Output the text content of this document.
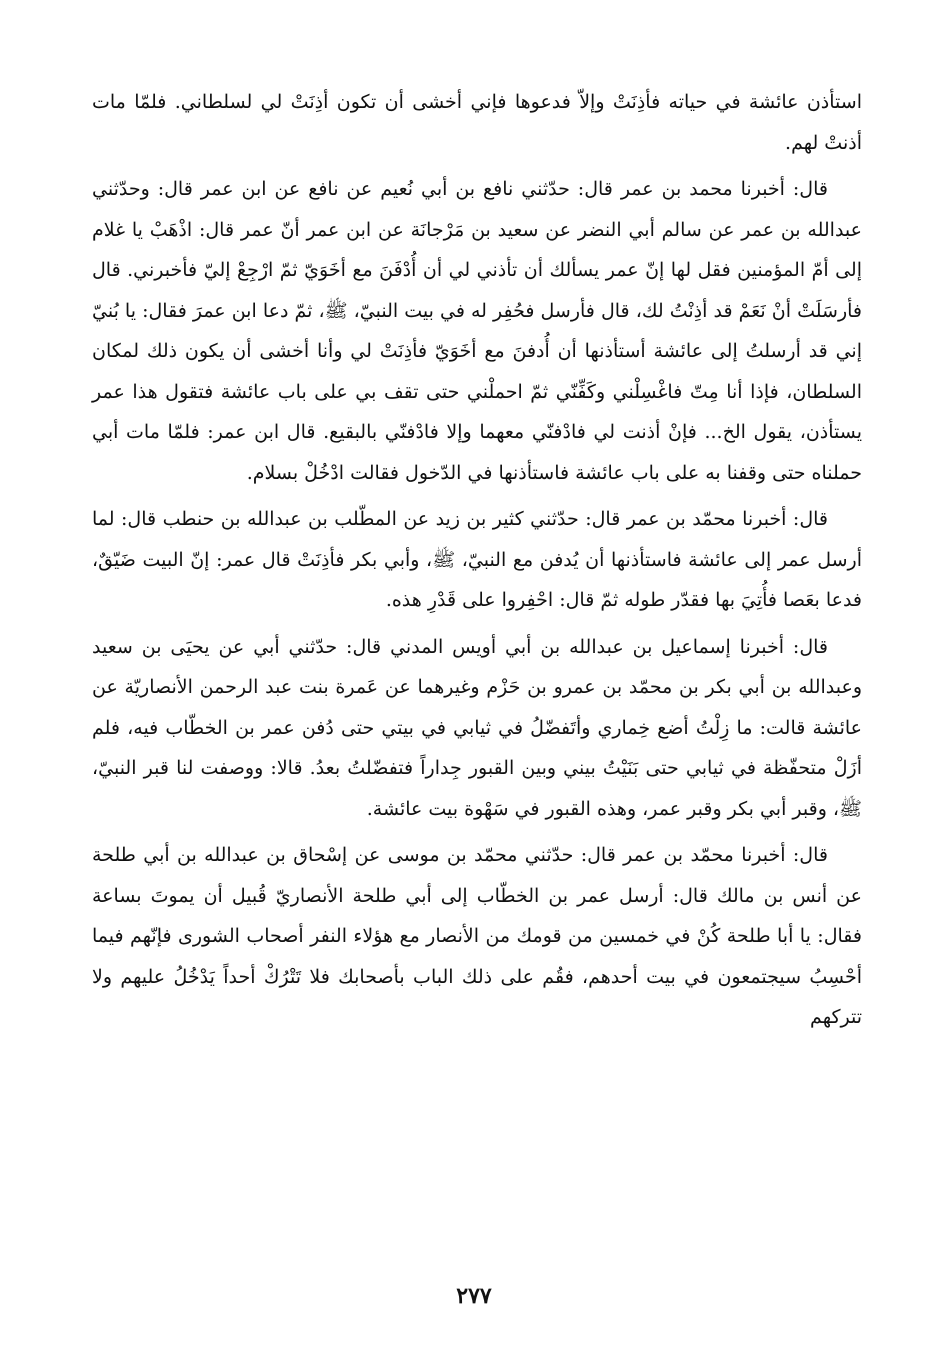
استأذن عائشة في حياته فأذِنَتْ وإلاّ فدعوها فإني أخشى أن تكون أذِنَتْ لي لسلطاني. فلمّا مات أذنتْ لهم.

قال: أخبرنا محمد بن عمر قال: حدّثني نافع بن أبي نُعيم عن نافع عن ابن عمر قال: وحدّثني عبدالله بن عمر عن سالم أبي النضر عن سعيد بن مَرْجانَة عن ابن عمر أنّ عمر قال: اذْهَبْ يا غلام إلى أمّ المؤمنين فقل لها إنّ عمر يسألك أن تأذني لي أن أُدْفَنَ مع أخَوَيّ ثمّ ارْجِعْ إليّ فأخبرني. قال فأرسَلَتْ أنْ نَعَمْ قد أذِنْتُ لك، قال فأرسل فحُفِر له في بيت النبيّ، ﷺ، ثمّ دعا ابن عمرَ فقال: يا بُنيّ إني قد أرسلتُ إلى عائشة أستأذنها أن أُدفنَ مع أخَوَيّ فأذِنَتْ لي وأنا أخشى أن يكون ذلك لمكان السلطان، فإذا أنا مِتّ فاغْسِلْني وكَفِّنّي ثمّ احملْني حتى تقف بي على باب عائشة فتقول هذا عمر يستأذن، يقول الخ... فإنْ أذنت لي فادْفنّي معهما وإلا فادْفنّي بالبقيع. قال ابن عمر: فلمّا مات أبي حملناه حتى وقفنا به على باب عائشة فاستأذنها في الدّخول فقالت ادْخُلْ بسلام.

قال: أخبرنا محمّد بن عمر قال: حدّثني كثير بن زيد عن المطّلب بن عبدالله بن حنطب قال: لما أرسل عمر إلى عائشة فاستأذنها أن يُدفن مع النبيّ، ﷺ، وأبي بكر فأذِنَتْ قال عمر: إنّ البيت ضَيّقٌ، فدعا بعَصا فأُتِيَ بها فقدّر طوله ثمّ قال: احْفِروا على قَدْرِ هذه.

قال: أخبرنا إسماعيل بن عبدالله بن أبي أويس المدني قال: حدّثني أبي عن يحيَى بن سعيد وعبدالله بن أبي بكر بن محمّد بن عمرو بن حَزْم وغيرهما عن عَمرة بنت عبد الرحمن الأنصاريّة عن عائشة قالت: ما زِلْتُ أضع خِماري وأتَفضّلُ في ثيابي في بيتي حتى دُفن عمر بن الخطّاب فيه، فلم أزَلْ متحفّظة في ثيابي حتى بَنَيْتُ بيني وبين القبور جِداراً فتفضّلتُ بعدُ. قالا: ووصفت لنا قبر النبيّ، ﷺ، وقبر أبي بكر وقبر عمر، وهذه القبور في سَهْوة بيت عائشة.

قال: أخبرنا محمّد بن عمر قال: حدّثني محمّد بن موسى عن إسْحاق بن عبدالله بن أبي طلحة عن أنس بن مالك قال: أرسل عمر بن الخطّاب إلى أبي طلحة الأنصاريّ قُبيل أن يموتَ بساعة فقال: يا أبا طلحة كُنْ في خمسين من قومك من الأنصار مع هؤلاء النفر أصحاب الشورى فإنّهم فيما أحْسِبُ سيجتمعون في بيت أحدهم، فقُم على ذلك الباب بأصحابك فلا تَتْرُكْ أحداً يَدْخُلُ عليهم ولا تتركهم

٢٧٧
